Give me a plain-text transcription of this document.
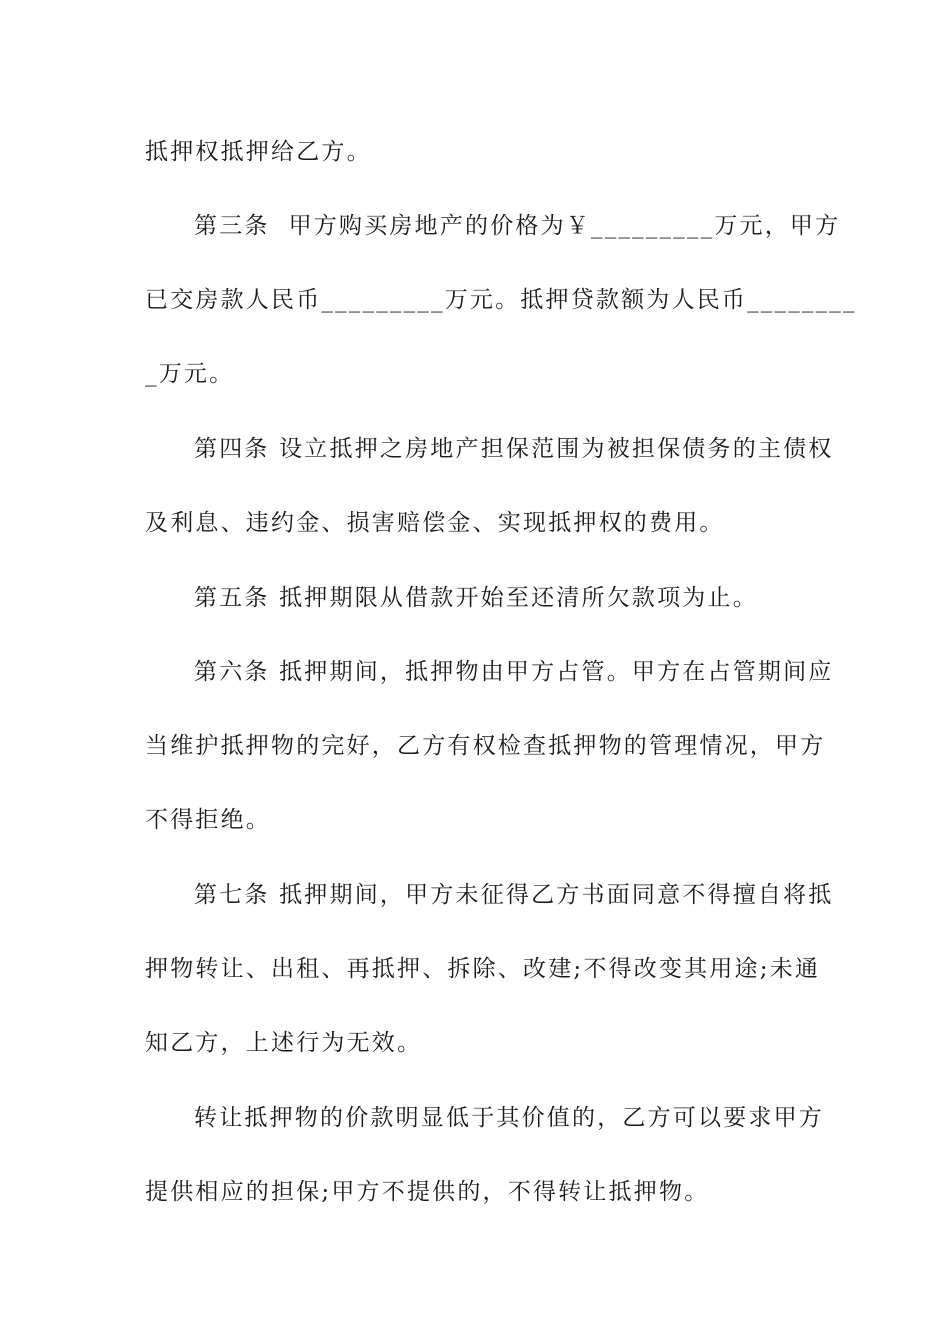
抵押权抵押给乙方。
第三条  甲方购买房地产的价格为￥_________万元，甲方
已交房款人民币_________万元。抵押贷款额为人民币________
_万元。
第四条 设立抵押之房地产担保范围为被担保债务的主债权
及利息、违约金、损害赔偿金、实现抵押权的费用。
第五条 抵押期限从借款开始至还清所欠款项为止。
第六条 抵押期间，抵押物由甲方占管。甲方在占管期间应
当维护抵押物的完好，乙方有权检查抵押物的管理情况，甲方
不得拒绝。
第七条 抵押期间，甲方未征得乙方书面同意不得擅自将抵
押物转让、出租、再抵押、拆除、改建;不得改变其用途;未通
知乙方，上述行为无效。
转让抵押物的价款明显低于其价值的，乙方可以要求甲方
提供相应的担保;甲方不提供的，不得转让抵押物。
